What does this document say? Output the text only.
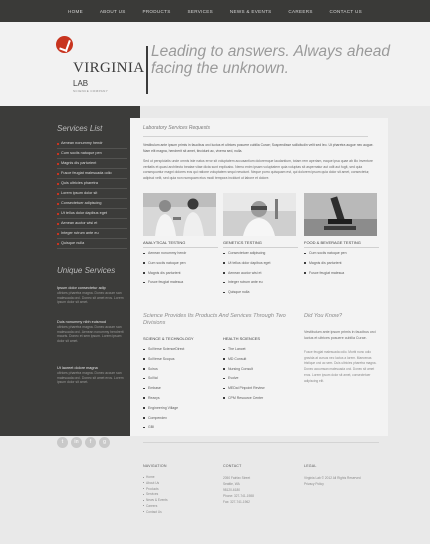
HOME	ABOUT US	PRODUCTS	SERVICES	NEWS & EVENTS	CAREERS	CONTACT US
VIRGINIA
LAB
SCIENCE COMPANY
Leading to answers. Always ahead facing the unknown.
Services List
Aenean nonummy hendr
Cum sociis natoque pen
Magnis dis parturient
Fusce feugiat malesuada odio
Quis ultricies pharetra
Lorem ipsum dolor sit
Consectetuer adipiscing
Ut tellus dolor dapibus eget
Aenean auctor wisi et
Integer rutrum ante eu
Quisque nulla
Unique Services
Ipsum dolor consectetur adip
ultrices pharetra magna. Donec accum san malesuada orci. Donec sit amet eros. Lorem ipsum dolor sit amet.
Duis nonummy nibh euismod
ultrices pharetra magna. Donec accum san malesuada orci. Aenean nonummy hendrerit mauris. Donec et sem ipsum. Lorem ipsum dolor sit amet.
Ut laoreet dolore magna
ultrices pharetra magna. Donec accum san malesuada orci. Donec sit amet eros. Lorem ipsum dolor sit amet.
Laboratory Services Requests
Vestibulum ante ipsum primis in faucibus orci luctus et ultrices posuere cubilia Curae; Suspendisse sollicitudin velit sed leo. Ut pharetra augue nec augue. Nam elit magna, hendrerit sit amet, tincidunt ac, viverra sed, nulla.
Sed ut perspiciatis unde omnis iste natus error sit voluptatem accusantium doloremque laudantium, totam rem aperiam, eaque ipsa quae ab illo inventore veritatis et quasi architecto beatae vitae dicta sunt explicabo. Nemo enim ipsam voluptatem quia voluptas sit aspernatur aut odit aut fugit, sed quia consequuntur magni dolores eos qui ratione voluptatem sequi nesciunt. Neque porro quisquam est, qui dolorem ipsum quia dolor sit amet, consectetur, adipisci velit, sed quia non numquam eius modi tempora incidunt ut labore et dolore.
ANALYTICAL TESTING
Aenean nonummy hendr
Cum sociis natoque pen
Magnis dis parturient
Fusce feugiat malesua
GENETICS TESTING
Consectetuer adipiscing
Ut tellus dolor dapibus eget
Aenean auctor wisi et
Integer rutrum ante eu
Quisque nulla
FOOD & BEVERAGE TESTING
Cum sociis natoque pen
Magnis dis parturient
Fusce feugiat malesua
Science Provides Its Products And Services Through Two Divisions
SCIENCE & TECHNOLOGY
SciVerse ScienceDirect
SciVerse Scopus
Scirus
SciVal
Embase
Reaxys
Engineering Village
Compendex
GBI
HEALTH SCIENCES
The Lancet
MD Consult
Nursing Consult
Evolve
MEDai Pinpoint Review
CPM Resource Center
Did You Know?
Vestibulum ante ipsum primis in faucibus orci luctus et ultrices posuere cubilia Curae.
Fusce feugiat malesuada odio. Morbi nunc odio gravida at cursus nec luctus a lorem. Maecenas tristique orci ac sem. Duis ultricies pharetra magna. Donec accumsan malesuada orci. Donec sit amet eros. Lorem ipsum dolor sit amet, consectetuer adipiscing elit.
t	in	f	g
NAVIGATION
Home
About Us
Products
Services
News & Events
Careers
Contact Us
CONTACT
2050 Fairfax Street
Seattle, WA
98120-6180
Phone: 327-741-1988
Fax: 327-741-1962
LEGAL
Virginia Lab © 2012 All Rights Reserved
Privacy Policy
